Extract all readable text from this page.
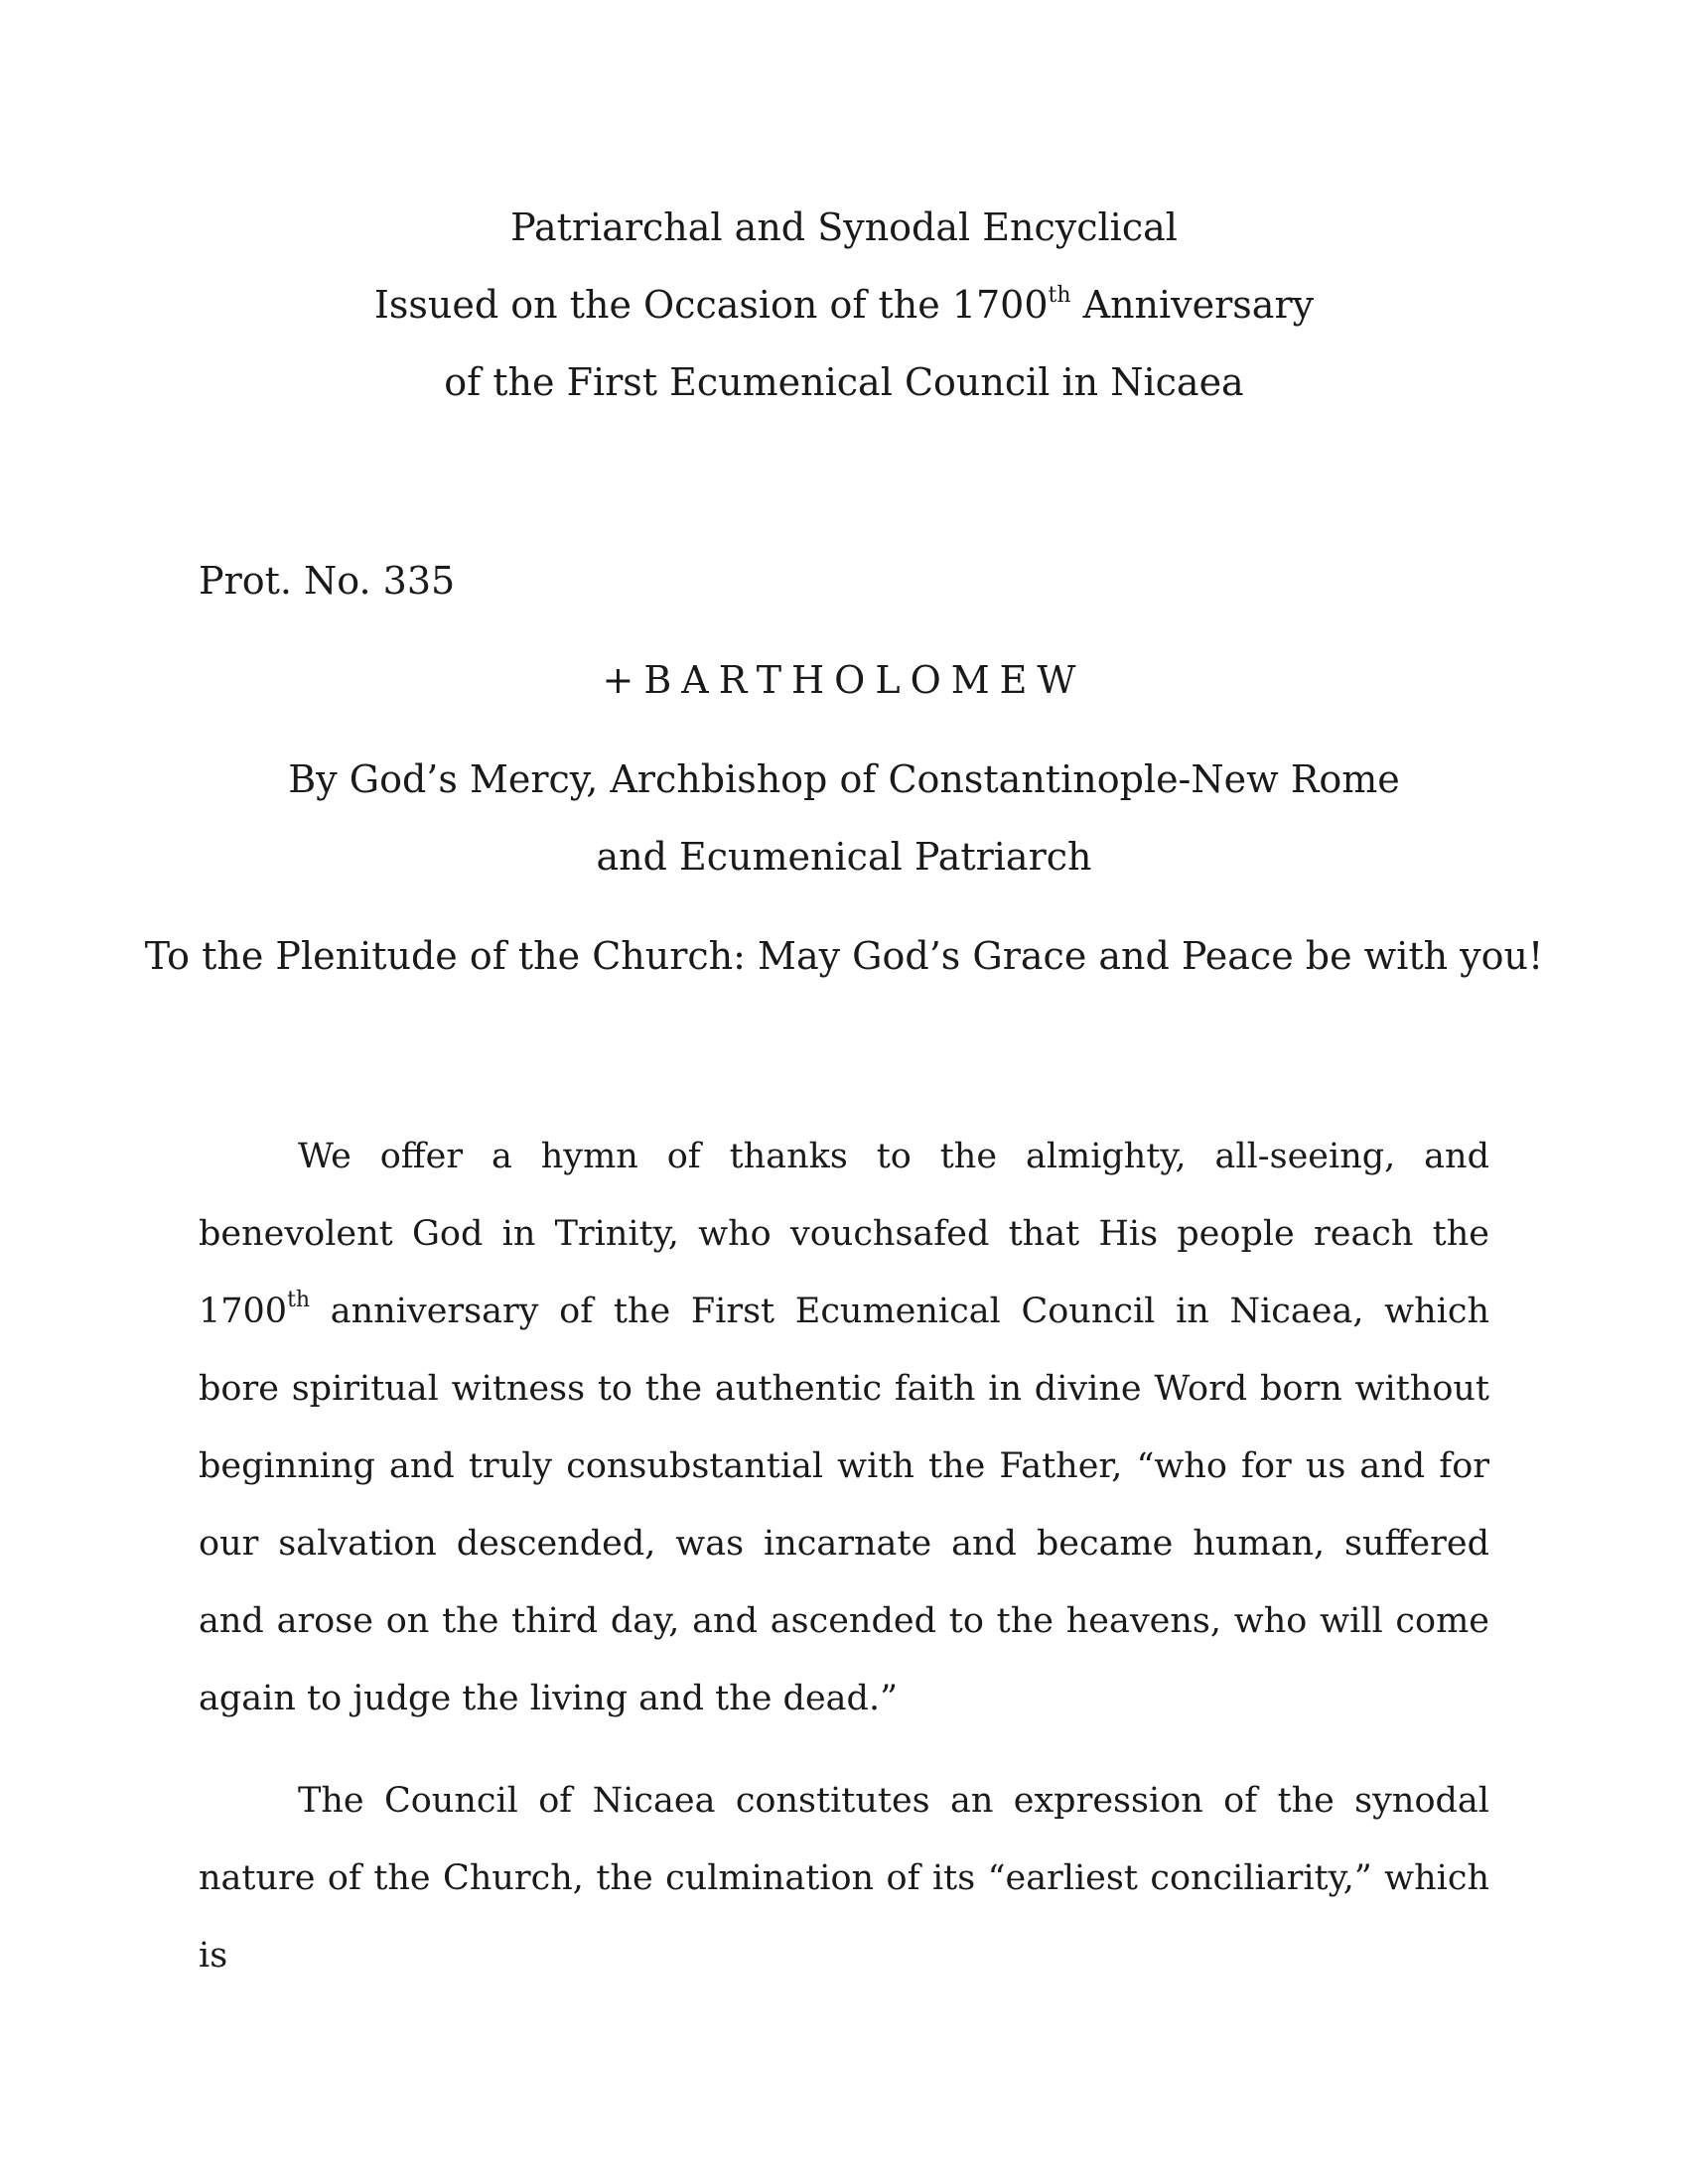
Patriarchal and Synodal Encyclical
Issued on the Occasion of the 1700th Anniversary
of the First Ecumenical Council in Nicaea
Prot. No. 335
+BARTHOLOMEW
By God’s Mercy, Archbishop of Constantinople-New Rome
and Ecumenical Patriarch
To the Plenitude of the Church: May God’s Grace and Peace be with you!
We offer a hymn of thanks to the almighty, all-seeing, and benevolent God in Trinity, who vouchsafed that His people reach the 1700th anniversary of the First Ecumenical Council in Nicaea, which bore spiritual witness to the authentic faith in divine Word born without beginning and truly consubstantial with the Father, “who for us and for our salvation descended, was incarnate and became human, suffered and arose on the third day, and ascended to the heavens, who will come again to judge the living and the dead.”
The Council of Nicaea constitutes an expression of the synodal nature of the Church, the culmination of its “earliest conciliarity,” which is
